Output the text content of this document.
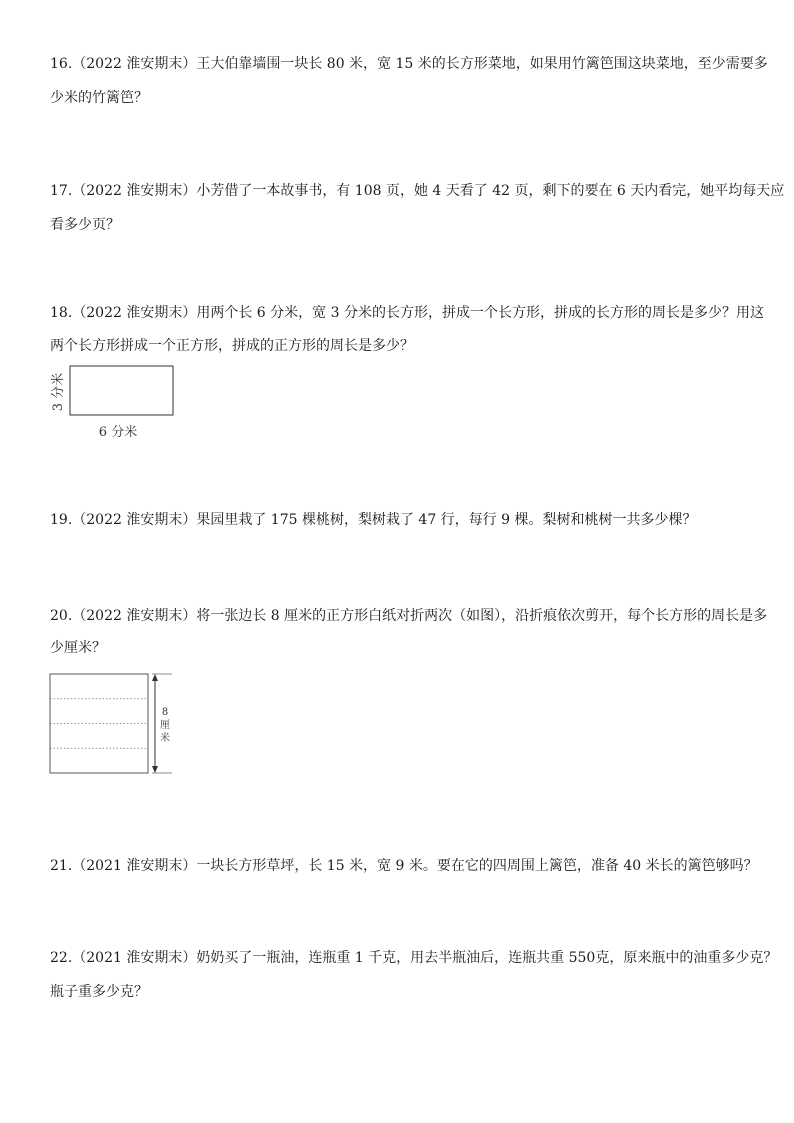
16.（2022 淮安期末）王大伯靠墙围一块长 80 米，宽 15 米的长方形菜地，如果用竹篱笆围这块菜地，至少需要多
少米的竹篱笆？
17.（2022 淮安期末）小芳借了一本故事书，有 108 页，她 4 天看了 42 页，剩下的要在 6 天内看完，她平均每天应
看多少页？
18.（2022 淮安期末）用两个长 6 分米，宽 3 分米的长方形，拼成一个长方形，拼成的长方形的周长是多少？用这
两个长方形拼成一个正方形，拼成的正方形的周长是多少？
6 分米
3 分米
19.（2022 淮安期末）果园里栽了 175 棵桃树，梨树栽了 47 行，每行 9 棵。梨树和桃树一共多少棵？
20.（2022 淮安期末）将一张边长 8 厘米的正方形白纸对折两次（如图），沿折痕依次剪开，每个长方形的周长是多
少厘米？
8
厘
米
21.（2021 淮安期末）一块长方形草坪，长 15 米，宽 9 米。要在它的四周围上篱笆，准备 40 米长的篱笆够吗？
22.（2021 淮安期末）奶奶买了一瓶油，连瓶重 1 千克，用去半瓶油后，连瓶共重 550克，原来瓶中的油重多少克？
瓶子重多少克？
